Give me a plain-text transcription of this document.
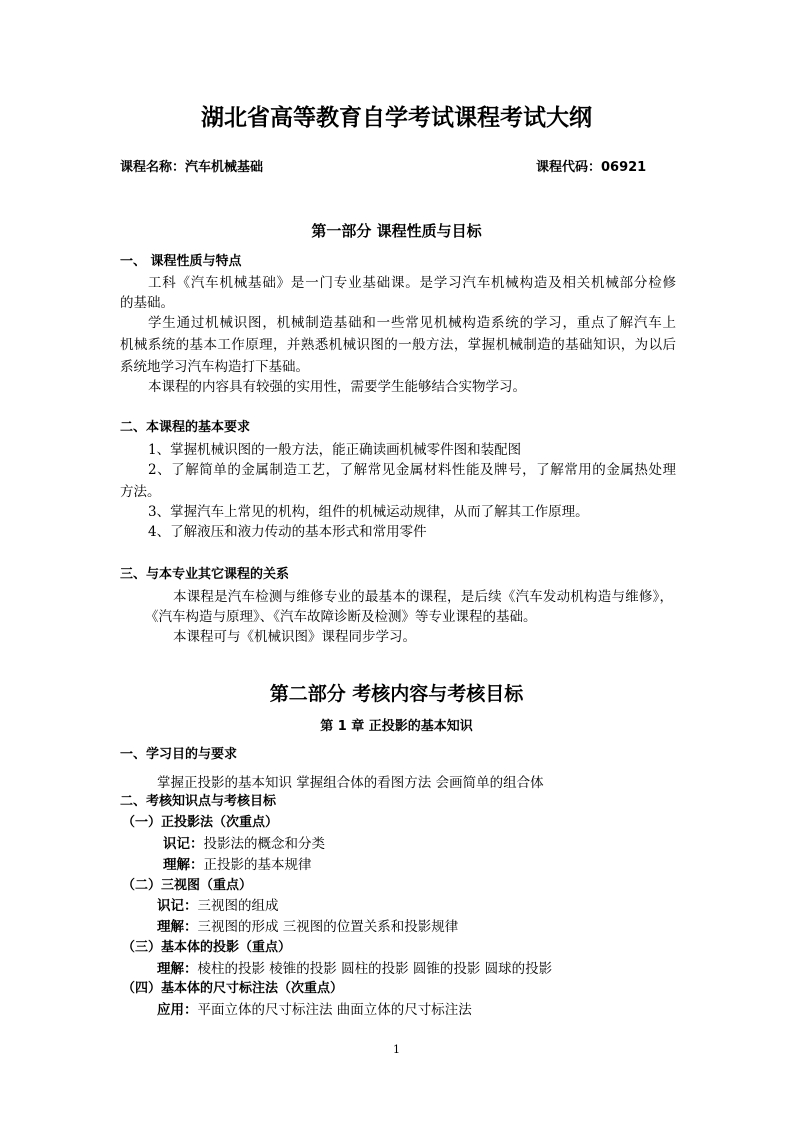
湖北省高等教育自学考试课程考试大纲
课程名称：汽车机械基础	课程代码：06921
第一部分 课程性质与目标
一、 课程性质与特点
工科《汽车机械基础》是一门专业基础课。是学习汽车机械构造及相关机械部分检修
的基础。
学生通过机械识图，机械制造基础和一些常见机械构造系统的学习，重点了解汽车上
机械系统的基本工作原理，并熟悉机械识图的一般方法，掌握机械制造的基础知识，为以后
系统地学习汽车构造打下基础。
本课程的内容具有较强的实用性，需要学生能够结合实物学习。
二、本课程的基本要求
1、掌握机械识图的一般方法，能正确读画机械零件图和装配图
2、了解简单的金属制造工艺，了解常见金属材料性能及牌号，了解常用的金属热处理
方法。
3、掌握汽车上常见的机构，组件的机械运动规律，从而了解其工作原理。
4、了解液压和液力传动的基本形式和常用零件
三、与本专业其它课程的关系
本课程是汽车检测与维修专业的最基本的课程，是后续《汽车发动机构造与维修》，
《汽车构造与原理》、《汽车故障诊断及检测》等专业课程的基础。
本课程可与《机械识图》课程同步学习。
第二部分 考核内容与考核目标
第 1 章 正投影的基本知识
一、学习目的与要求
掌握正投影的基本知识 掌握组合体的看图方法 会画简单的组合体
二、考核知识点与考核目标
（一）正投影法（次重点）
识记：投影法的概念和分类
理解：正投影的基本规律
（二）三视图（重点）
识记：三视图的组成
理解：三视图的形成 三视图的位置关系和投影规律
（三）基本体的投影（重点）
理解：棱柱的投影 棱锥的投影 圆柱的投影 圆锥的投影 圆球的投影
（四）基本体的尺寸标注法（次重点）
应用：平面立体的尺寸标注法 曲面立体的尺寸标注法
1
